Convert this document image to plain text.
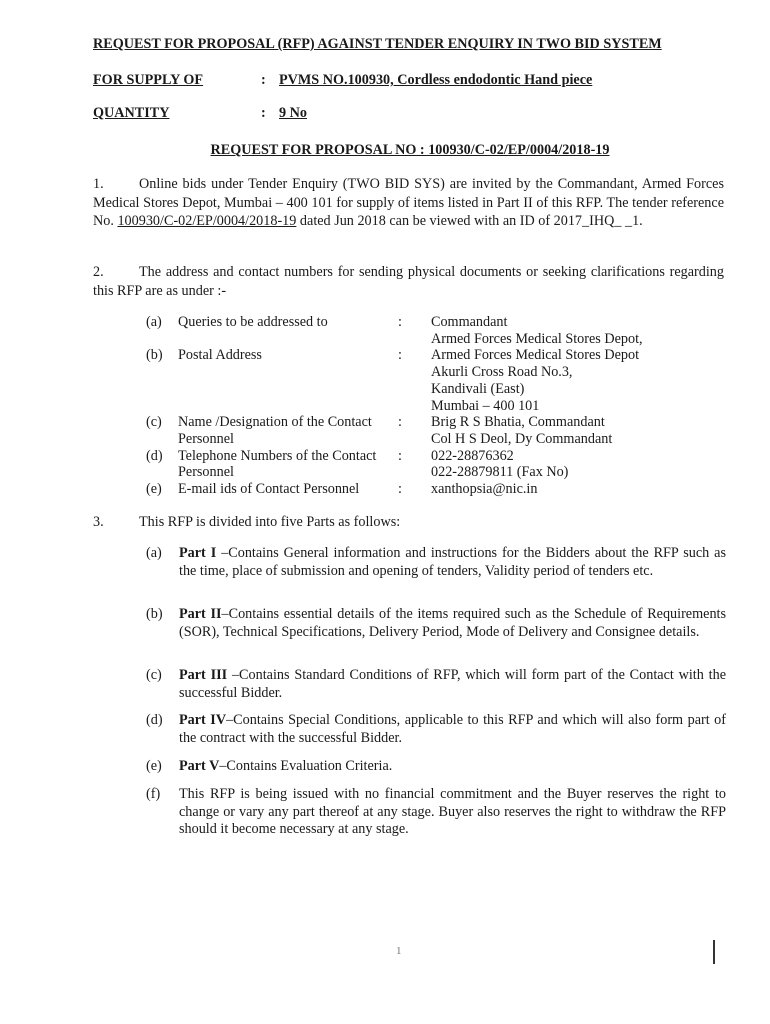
REQUEST FOR PROPOSAL (RFP) AGAINST TENDER ENQUIRY IN TWO BID SYSTEM
FOR SUPPLY OF	: PVMS NO.100930, Cordless endodontic Hand piece
QUANTITY	: 9 No
REQUEST FOR PROPOSAL NO : 100930/C-02/EP/0004/2018-19
1. Online bids under Tender Enquiry (TWO BID SYS) are invited by the Commandant, Armed Forces Medical Stores Depot, Mumbai – 400 101 for supply of items listed in Part II of this RFP. The tender reference No. 100930/C-02/EP/0004/2018-19 dated Jun 2018 can be viewed with an ID of 2017_IHQ_ _1.
2. The address and contact numbers for sending physical documents or seeking clarifications regarding this RFP are as under :-
(a)	Queries to be addressed to	:	Commandant
Armed Forces Medical Stores Depot,

(b)	Postal Address	:	Armed Forces Medical Stores Depot
Akurli Cross Road No.3,
Kandivali (East)
Mumbai – 400 101

(c)	Name /Designation of the Contact Personnel	:	Brig R S Bhatia, Commandant
Col H S Deol, Dy Commandant

(d)	Telephone Numbers of the Contact Personnel	:	022-28876362
022-28879811 (Fax No)

(e)	E-mail ids of Contact Personnel	:	xanthopsia@nic.in
3. This RFP is divided into five Parts as follows:
(a) Part I –Contains General information and instructions for the Bidders about the RFP such as the time, place of submission and opening of tenders, Validity period of tenders etc.
(b) Part II–Contains essential details of the items required such as the Schedule of Requirements (SOR), Technical Specifications, Delivery Period, Mode of Delivery and Consignee details.
(c) Part III –Contains Standard Conditions of RFP, which will form part of the Contact with the successful Bidder.
(d) Part IV–Contains Special Conditions, applicable to this RFP and which will also form part of the contract with the successful Bidder.
(e) Part V–Contains Evaluation Criteria.
(f) This RFP is being issued with no financial commitment and the Buyer reserves the right to change or vary any part thereof at any stage. Buyer also reserves the right to withdraw the RFP should it become necessary at any stage.
1
